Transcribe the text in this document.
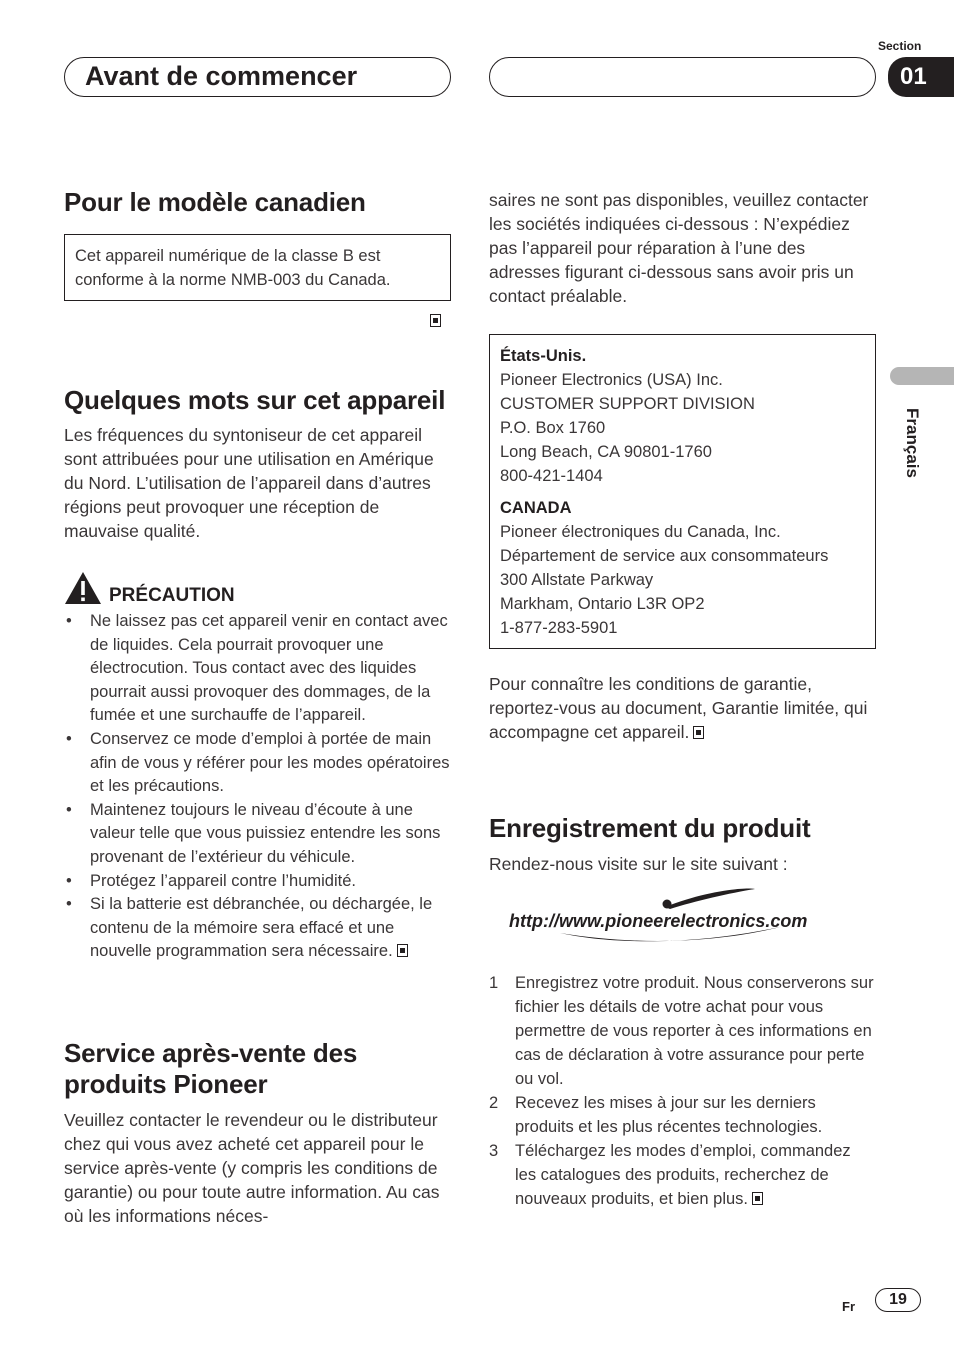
Avant de commencer
Section
01
Français
Pour le modèle canadien
Cet appareil numérique de la classe B est
conforme à la norme NMB-003 du Canada.
Quelques mots sur cet appareil
Les fréquences du syntoniseur de cet appareil sont attribuées pour une utilisation en Amérique du Nord. L’utilisation de l’appareil dans d’autres régions peut provoquer une réception de mauvaise qualité.
PRÉCAUTION
• Ne laissez pas cet appareil venir en contact avec de liquides. Cela pourrait provoquer une électrocution. Tous contact avec des liquides pourrait aussi provoquer des dommages, de la fumée et une surchauffe de l’appareil.
• Conservez ce mode d’emploi à portée de main afin de vous y référer pour les modes opératoires et les précautions.
• Maintenez toujours le niveau d’écoute à une valeur telle que vous puissiez entendre les sons provenant de l’extérieur du véhicule.
• Protégez l’appareil contre l’humidité.
• Si la batterie est débranchée, ou déchargée, le contenu de la mémoire sera effacé et une nouvelle programmation sera nécessaire.
Service après-vente des
produits Pioneer
Veuillez contacter le revendeur ou le distributeur chez qui vous avez acheté cet appareil pour le service après-vente (y compris les conditions de garantie) ou pour toute autre information. Au cas où les informations néces-
saires ne sont pas disponibles, veuillez contacter les sociétés indiquées ci-dessous : N’expédiez pas l’appareil pour réparation à l’une des adresses figurant ci-dessous sans avoir pris un contact préalable.
États-Unis.
Pioneer Electronics (USA) Inc.
CUSTOMER SUPPORT DIVISION
P.O. Box 1760
Long Beach, CA 90801-1760
800-421-1404
CANADA
Pioneer électroniques du Canada, Inc.
Département de service aux consommateurs
300 Allstate Parkway
Markham, Ontario L3R OP2
1-877-283-5901
Pour connaître les conditions de garantie, reportez-vous au document, Garantie limitée, qui accompagne cet appareil.
Enregistrement du produit
Rendez-nous visite sur le site suivant :
http://www.pioneerelectronics.com
1 Enregistrez votre produit. Nous conserverons sur fichier les détails de votre achat pour vous permettre de vous reporter à ces informations en cas de déclaration à votre assurance pour perte ou vol.
2 Recevez les mises à jour sur les derniers produits et les plus récentes technologies.
3 Téléchargez les modes d’emploi, commandez les catalogues des produits, recherchez de nouveaux produits, et bien plus.
Fr	19
